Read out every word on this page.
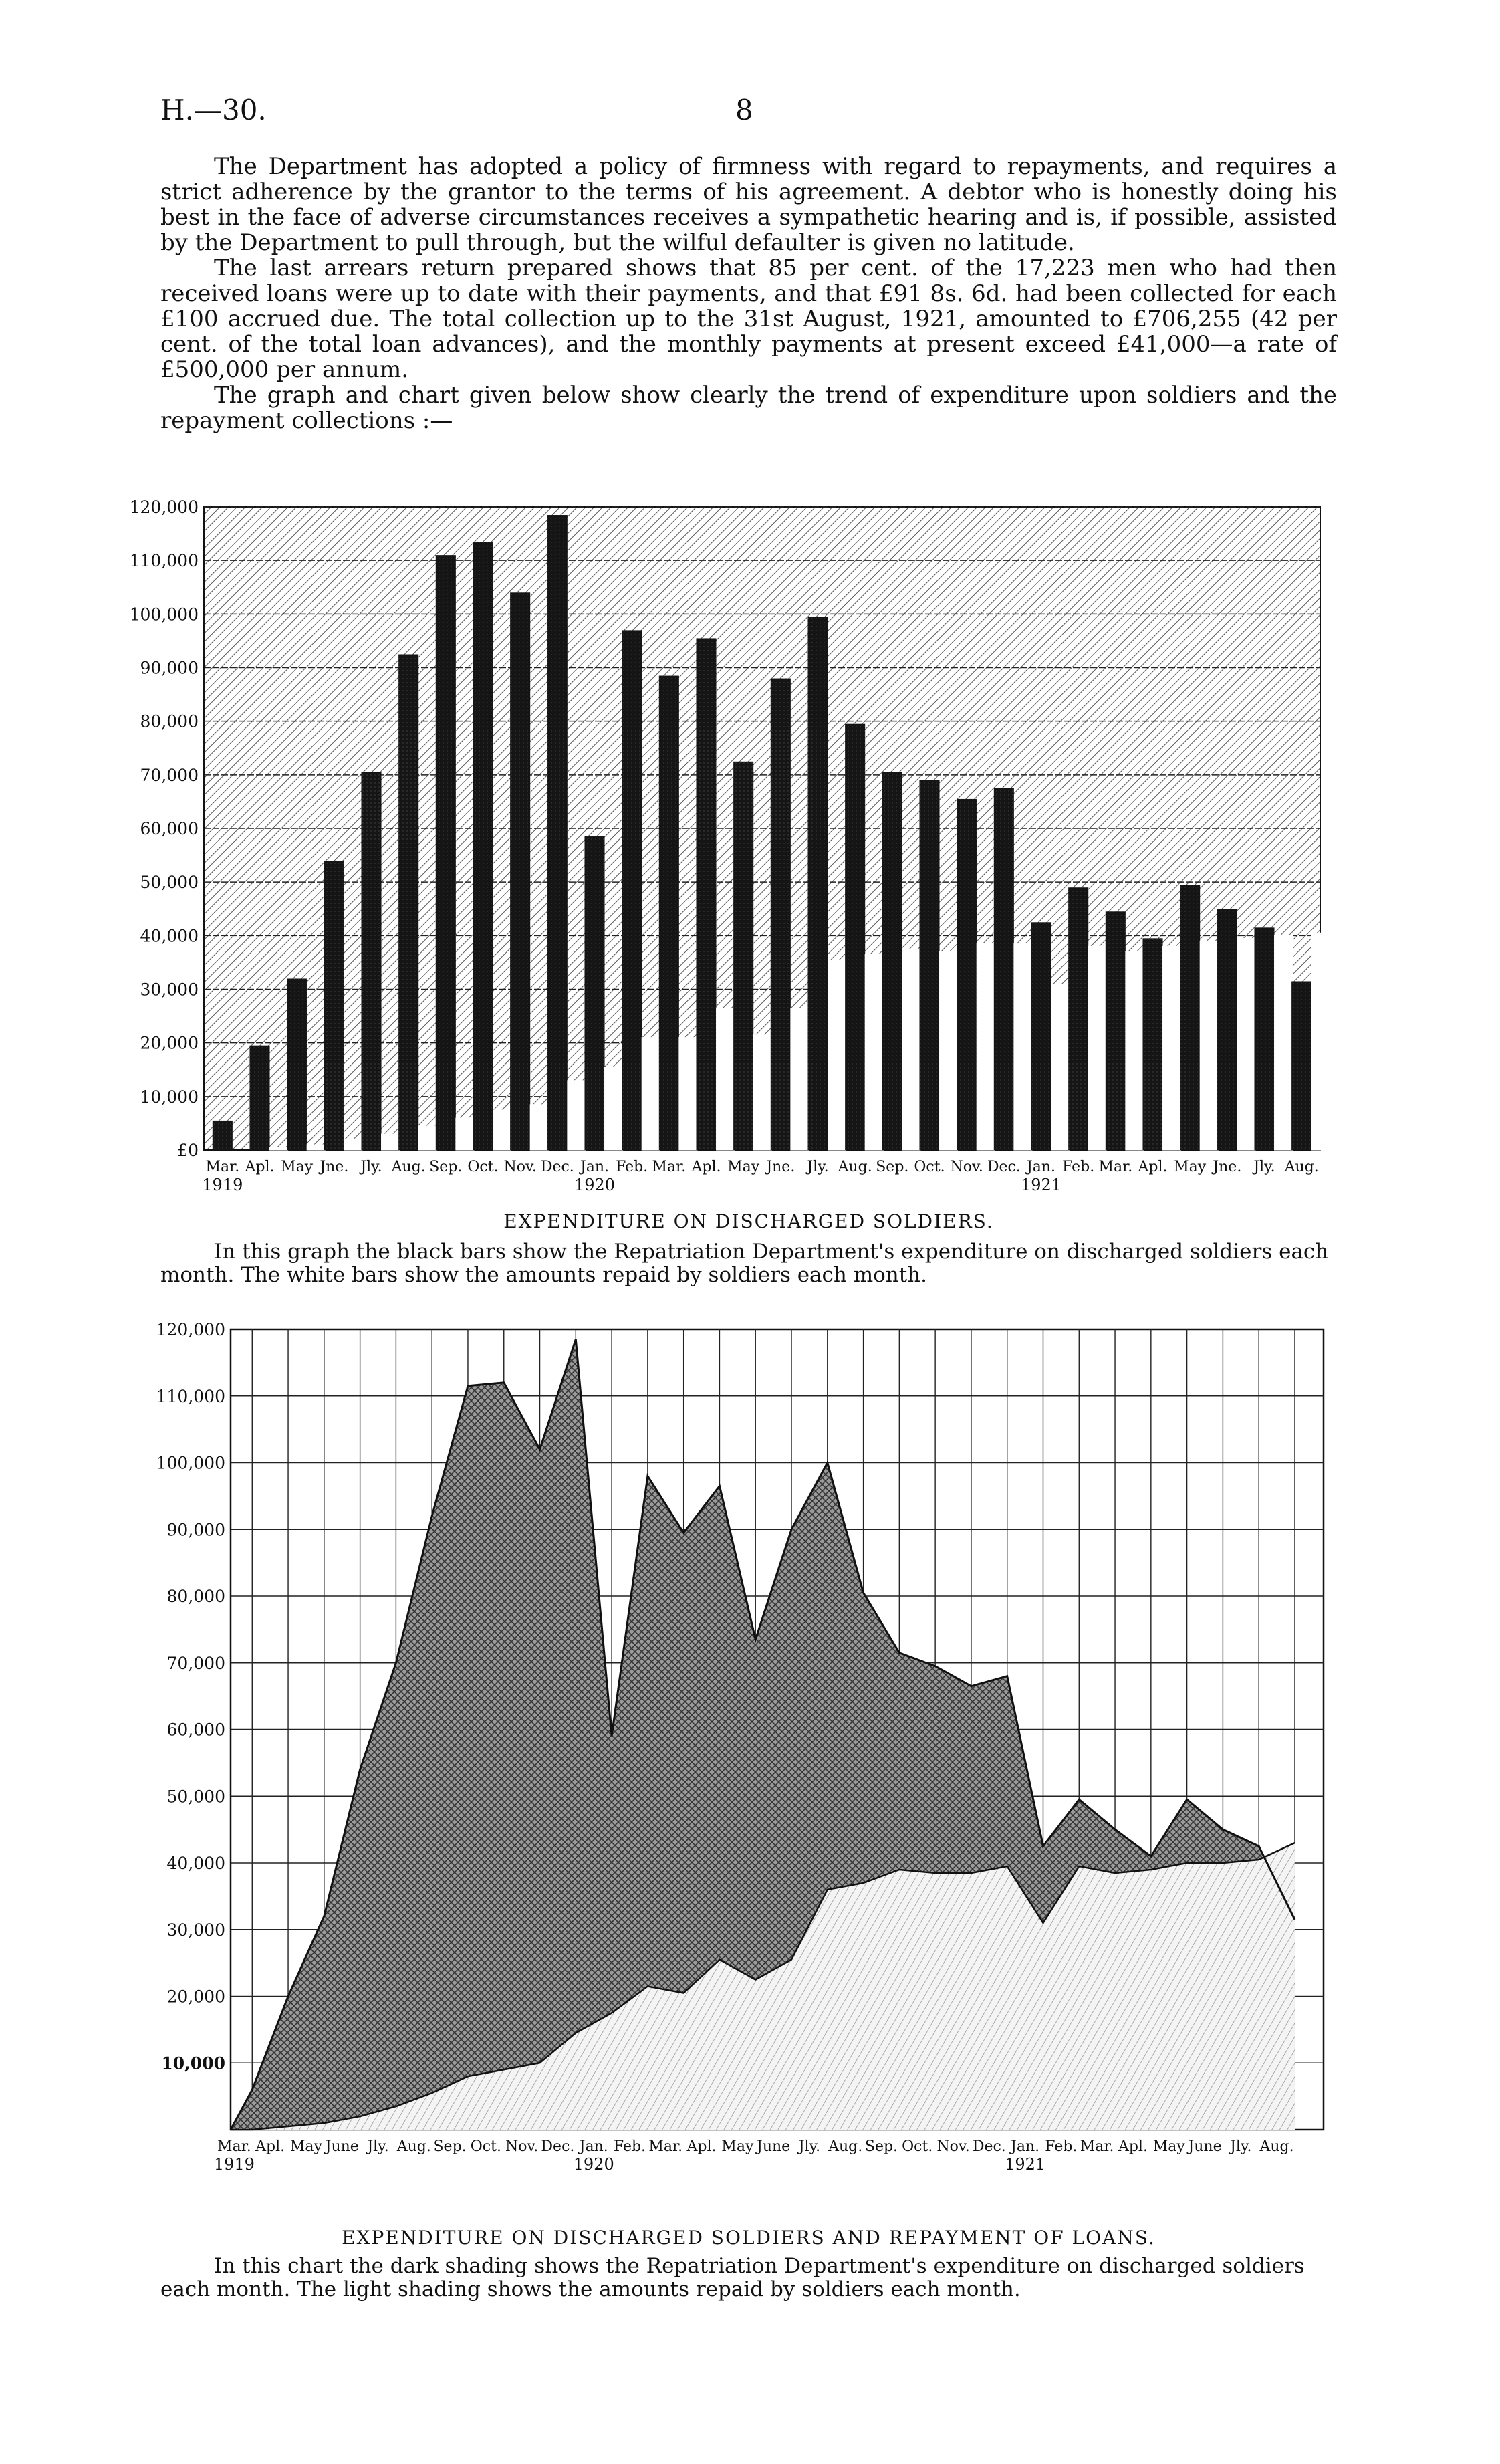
H.—30.	8

The Department has adopted a policy of firmness with regard to repayments, and requires a strict adherence by the grantor to the terms of his agreement. A debtor who is honestly doing his best in the face of adverse circumstances receives a sympathetic hearing and is, if possible, assisted by the Department to pull through, but the wilful defaulter is given no latitude.

The last arrears return prepared shows that 85 per cent. of the 17,223 men who had then received loans were up to date with their payments, and that £91 8s. 6d. had been collected for each £100 accrued due. The total collection up to the 31st August, 1921, amounted to £706,255 (42 per cent. of the total loan advances), and the monthly payments at present exceed £41,000—a rate of £500,000 per annum.

The graph and chart given below show clearly the trend of expenditure upon soldiers and the repayment collections :—

£0
10,000
20,000
30,000
40,000
50,000
60,000
70,000
80,000
90,000
100,000
110,000
120,000
Mar. Apl. May Jne. Jly. Aug. Sep. Oct. Nov. Dec. Jan. Feb. Mar. Apl. May Jne. Jly. Aug. Sep. Oct. Nov. Dec. Jan. Feb. Mar. Apl. May Jne. Jly. Aug.
1919	1920	1921
EXPENDITURE ON DISCHARGED SOLDIERS.

In this graph the black bars show the Repatriation Department's expenditure on discharged soldiers each month. The white bars show the amounts repaid by soldiers each month.

10,000
20,000
30,000
40,000
50,000
60,000
70,000
80,000
90,000
100,000
110,000
120,000
Mar. Apl. May June Jly. Aug. Sep. Oct. Nov. Dec. Jan. Feb. Mar. Apl. May June Jly. Aug. Sep. Oct. Nov. Dec. Jan. Feb. Mar. Apl. May June Jly. Aug.
1919	1920	1921
EXPENDITURE ON DISCHARGED SOLDIERS AND REPAYMENT OF LOANS.

In this chart the dark shading shows the Repatriation Department's expenditure on discharged soldiers each month. The light shading shows the amounts repaid by soldiers each month.
